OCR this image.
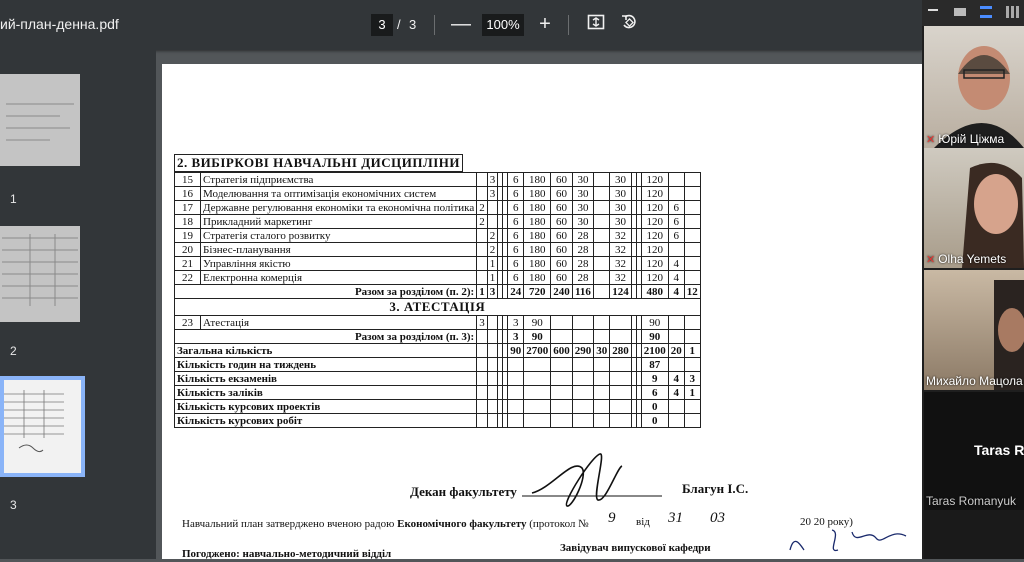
ий-план-денна.pdf	3 / 3 —	100% +
1
2
3
2. ВИБІРКОВІ НАВЧАЛЬНІ ДИСЦИПЛІНИ
15	Стратегія підприємства		3			6	180	60	30		30			120		
16	Моделювання та оптимізація економічних систем		3			6	180	60	30		30			120		
17	Державне регулювання економіки та економічна політика	2				6	180	60	30		30			120	6	
18	Прикладний маркетинг	2				6	180	60	30		30			120	6	
19	Стратегія сталого розвитку		2			6	180	60	28		32			120	6	
20	Бізнес-планування		2			6	180	60	28		32			120		
21	Управління якістю		1			6	180	60	28		32			120	4	
22	Електронна комерція		1			6	180	60	28		32			120	4	
Разом за розділом (п. 2):		1	3			24	720	240	116		124			480	4	12
3. АТЕСТАЦІЯ																
23	Атестація	3				3	90							90		
Разом за розділом (п. 3):						3	90							90		
Загальна кількість						90	2700	600	290	30	280			2100	20	1
Кількість годин на тиждень														87		
Кількість екзаменів														9	4	3
Кількість заліків														6	4	1
Кількість курсових проектів														0		
Кількість курсових робіт														0		
Декан факультету	Благун І.С.
Навчальний план затверджено вченою радою Економічного факультету (протокол № 9 від 31 03	20 20 року)
Погоджено: навчально-методичний відділ	Завідувач випускової кафедри
✕ Юрій Ціжма
✕ Olha Yemets
Михайло Мацола
Taras R
Taras Romanyuk
